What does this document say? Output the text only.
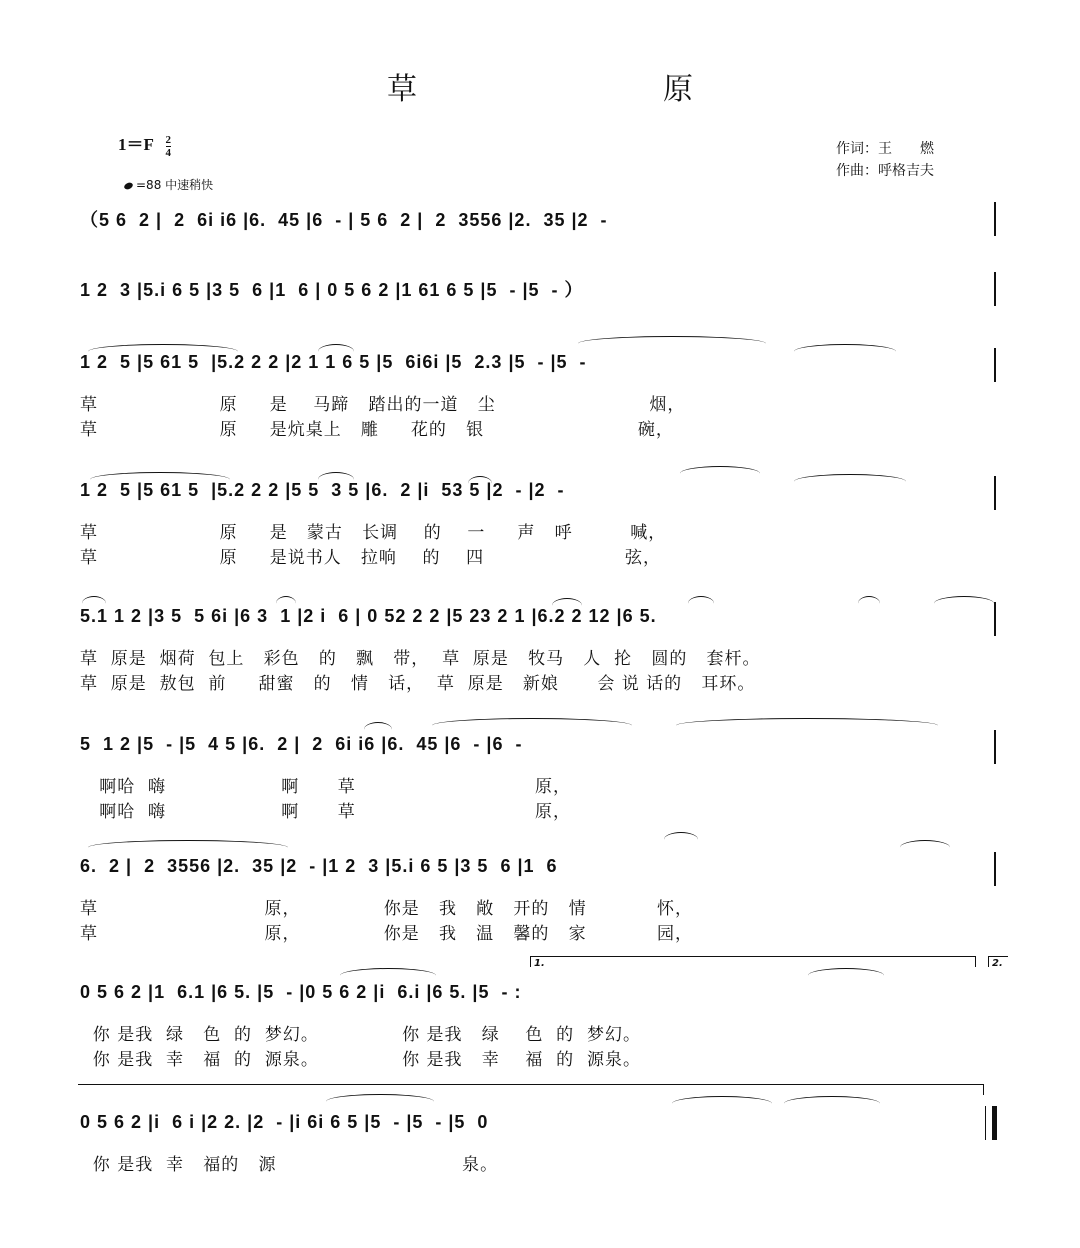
草　　原
$1=F \frac{2}{4}$
=88 中速稍快
作词：王　　燃
作曲：呼格吉夫
（5 6  2 |  2  6i i6 |6.  45 |6  - | 5 6  2 |  2  3556 |2.  35 |2  -
1 2  3 |5.i 6 5 |3 5  6 |1  6 | 0 5 6 2 |1 61 6 5 |5  - |5  - ）
1 2  5 |5 61 5  |5.2 2 2 |2 1 1 6 5 |5  6i6i |5  2.3 |5  - |5  -
草                   原     是    马蹄   踏出的一道   尘                        烟，
草                   原     是炕桌上   雕     花的   银                        碗，
1 2  5 |5 61 5  |5.2 2 2 |5 5  3 5 |6.  2 |i  53 5 |2  - |2  -
草                   原     是   蒙古   长调    的    一     声   呼         喊，
草                   原     是说书人   拉响    的    四                      弦，
5.1 1 2 |3 5  5 6i |6 3  1 |2 i  6 | 0 52 2 2 |5 23 2 1 |6.2 2 12 |6 5.
草  原是  烟荷  包上   彩色   的   飘   带，  草  原是   牧马   人  抡   圆的   套杆。
草  原是  敖包  前     甜蜜   的   情   话，  草  原是   新娘      会 说 话的   耳环。
5  1 2 |5  - |5  4 5 |6.  2 |  2  6i i6 |6.  45 |6  - |6  -
啊哈  嗨                  啊      草                            原，
啊哈  嗨                  啊      草                            原，
6.  2 |  2  3556 |2.  35 |2  - |1 2  3 |5.i 6 5 |3 5  6 |1  6
草                          原，             你是   我   敞   开的   情           怀，
草                          原，             你是   我   温   馨的   家           园，
1.	2.
0 5 6 2 |1  6.1 |6 5. |5  - |0 5 6 2 |i  6.i |6 5. |5  - :
你 是我  绿   色  的  梦幻。             你 是我   绿    色  的  梦幻。
你 是我  幸   福  的  源泉。             你 是我   幸    福  的  源泉。
0 5 6 2 |i  6 i |2 2. |2  - |i 6i 6 5 |5  - |5  - |5  0
你 是我  幸   福的   源                             泉。
